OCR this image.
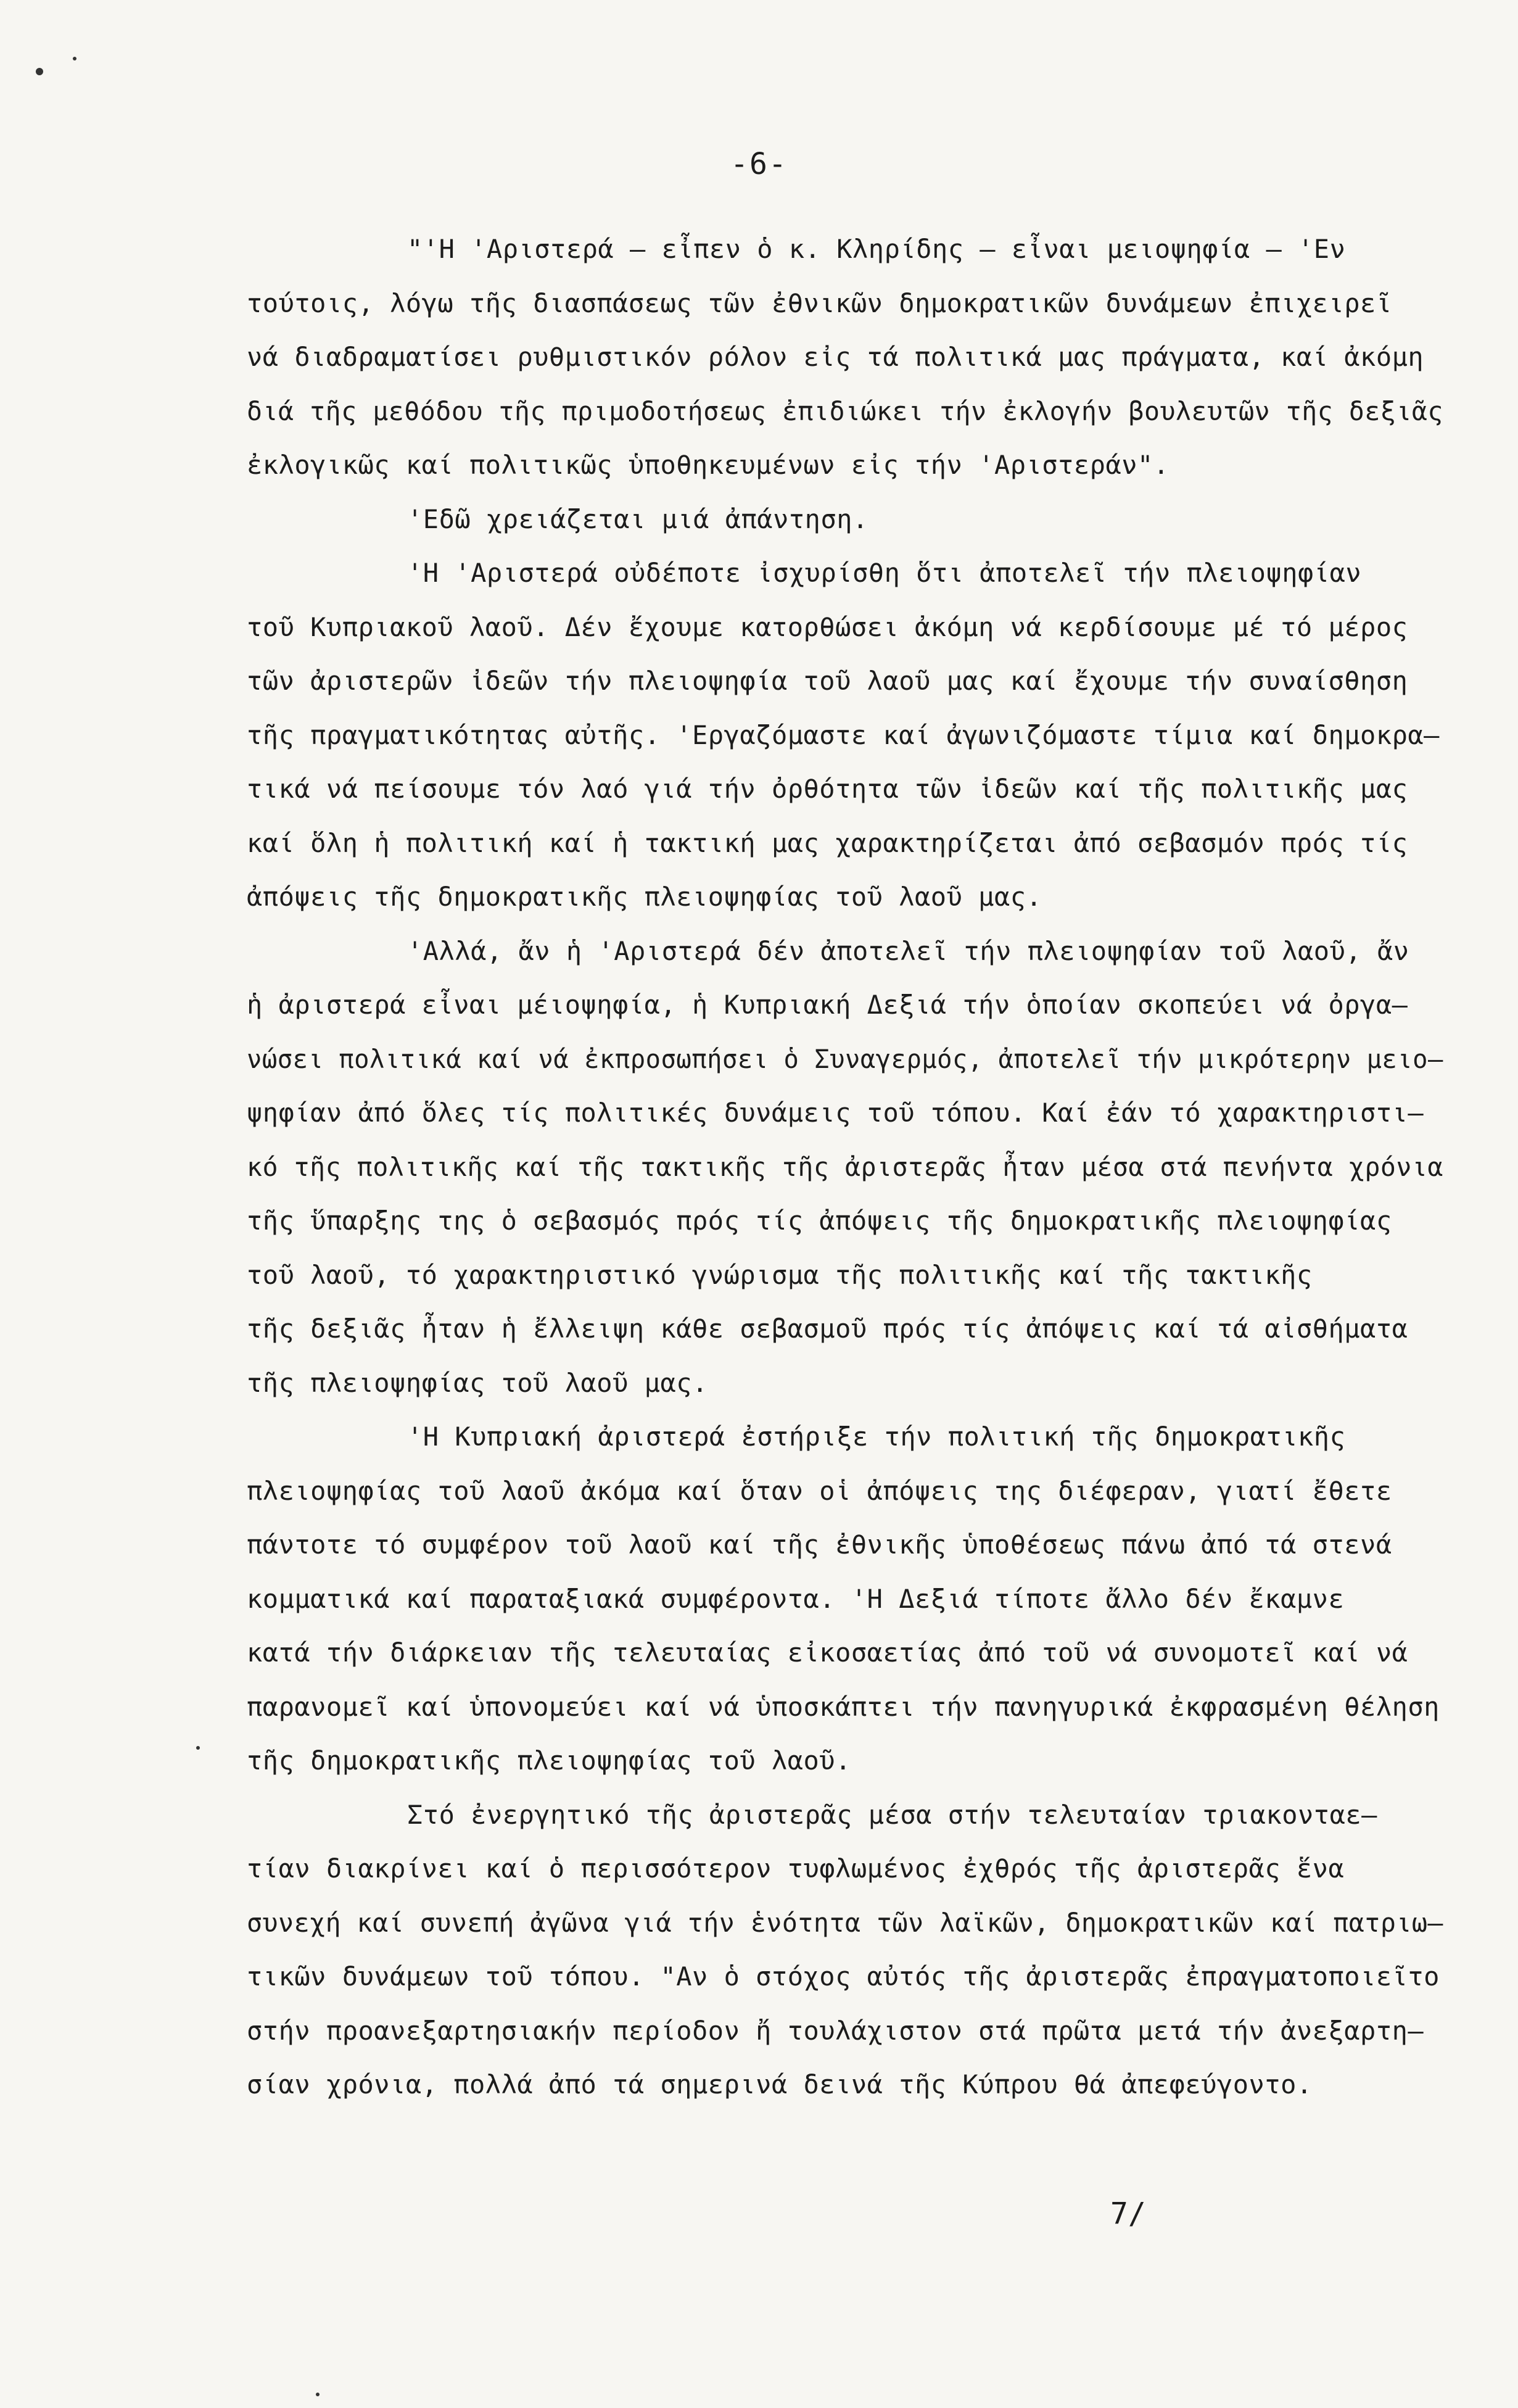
-6-
"'Η 'Αριστερά – εἶπεν ὁ κ. Κληρίδης – εἶναι μειοψηφία – 'Εν
τούτοις, λόγω τῆς διασπάσεως τῶν ἐθνικῶν δημοκρατικῶν δυνάμεων ἐπιχειρεῖ
νά διαδραματίσει ρυθμιστικόν ρόλον εἰς τά πολιτικά μας πράγματα, καί ἀκόμη
διά τῆς μεθόδου τῆς πριμοδοτήσεως ἐπιδιώκει τήν ἐκλογήν βουλευτῶν τῆς δεξιᾶς
ἐκλογικῶς καί πολιτικῶς ὑποθηκευμένων εἰς τήν 'Αριστεράν".
'Εδῶ χρειάζεται μιά ἀπάντηση.
'Η 'Αριστερά οὐδέποτε ἰσχυρίσθη ὅτι ἀποτελεῖ τήν πλειοψηφίαν
τοῦ Κυπριακοῦ λαοῦ. Δέν ἔχουμε κατορθώσει ἀκόμη νά κερδίσουμε μέ τό μέρος
τῶν ἀριστερῶν ἰδεῶν τήν πλειοψηφία τοῦ λαοῦ μας καί ἔχουμε τήν συναίσθηση
τῆς πραγματικότητας αὐτῆς. 'Εργαζόμαστε καί ἀγωνιζόμαστε τίμια καί δημοκρα–
τικά νά πείσουμε τόν λαό γιά τήν ὀρθότητα τῶν ἰδεῶν καί τῆς πολιτικῆς μας
καί ὅλη ἡ πολιτική καί ἡ τακτική μας χαρακτηρίζεται ἀπό σεβασμόν πρός τίς
ἀπόψεις τῆς δημοκρατικῆς πλειοψηφίας τοῦ λαοῦ μας.
'Αλλά, ἄν ἡ 'Αριστερά δέν ἀποτελεῖ τήν πλειοψηφίαν τοῦ λαοῦ, ἄν
ἡ ἀριστερά εἶναι μέιοψηφία, ἡ Κυπριακή Δεξιά τήν ὁποίαν σκοπεύει νά ὀργα–
νώσει πολιτικά καί νά ἐκπροσωπήσει ὁ Συναγερμός, ἀποτελεῖ τήν μικρότερην μειο–
ψηφίαν ἀπό ὅλες τίς πολιτικές δυνάμεις τοῦ τόπου. Καί ἐάν τό χαρακτηριστι–
κό τῆς πολιτικῆς καί τῆς τακτικῆς τῆς ἀριστερᾶς ἦταν μέσα στά πενήντα χρόνια
τῆς ὕπαρξης της ὁ σεβασμός πρός τίς ἀπόψεις τῆς δημοκρατικῆς πλειοψηφίας
τοῦ λαοῦ, τό χαρακτηριστικό γνώρισμα τῆς πολιτικῆς καί τῆς τακτικῆς
τῆς δεξιᾶς ἦταν ἡ ἔλλειψη κάθε σεβασμοῦ πρός τίς ἀπόψεις καί τά αἰσθήματα
τῆς πλειοψηφίας τοῦ λαοῦ μας.
'Η Κυπριακή ἀριστερά ἐστήριξε τήν πολιτική τῆς δημοκρατικῆς
πλειοψηφίας τοῦ λαοῦ ἀκόμα καί ὅταν οἱ ἀπόψεις της διέφεραν, γιατί ἔθετε
πάντοτε τό συμφέρον τοῦ λαοῦ καί τῆς ἐθνικῆς ὑποθέσεως πάνω ἀπό τά στενά
κομματικά καί παραταξιακά συμφέροντα. 'Η Δεξιά τίποτε ἄλλο δέν ἔκαμνε
κατά τήν διάρκειαν τῆς τελευταίας εἰκοσαετίας ἀπό τοῦ νά συνομοτεῖ καί νά
παρανομεῖ καί ὑπονομεύει καί νά ὑποσκάπτει τήν πανηγυρικά ἐκφρασμένη θέληση
τῆς δημοκρατικῆς πλειοψηφίας τοῦ λαοῦ.
Στό ἐνεργητικό τῆς ἀριστερᾶς μέσα στήν τελευταίαν τριακονταε–
τίαν διακρίνει καί ὁ περισσότερον τυφλωμένος ἐχθρός τῆς ἀριστερᾶς ἕνα
συνεχή καί συνεπή ἀγῶνα γιά τήν ἑνότητα τῶν λαϊκῶν, δημοκρατικῶν καί πατριω–
τικῶν δυνάμεων τοῦ τόπου. "Αν ὁ στόχος αὐτός τῆς ἀριστερᾶς ἐπραγματοποιεῖτο
στήν προανεξαρτησιακήν περίοδον ἤ τουλάχιστον στά πρῶτα μετά τήν ἀνεξαρτη–
σίαν χρόνια, πολλά ἀπό τά σημερινά δεινά τῆς Κύπρου θά ἀπεφεύγοντο.
7/
